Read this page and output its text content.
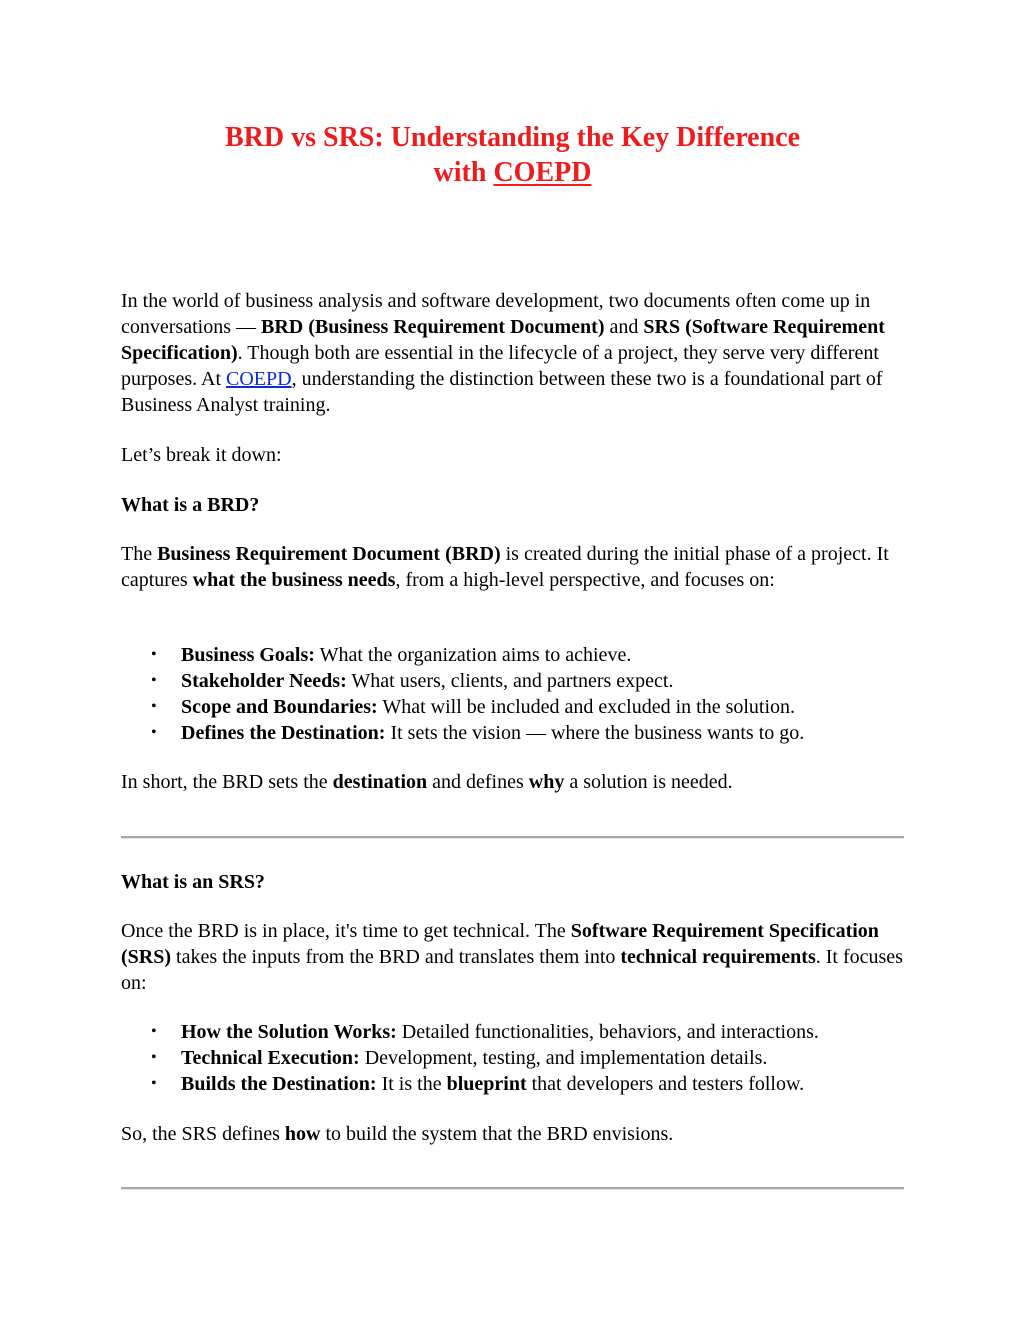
BRD vs SRS: Understanding the Key Difference
with COEPD

In the world of business analysis and software development, two documents often come up in conversations — BRD (Business Requirement Document) and SRS (Software Requirement Specification). Though both are essential in the lifecycle of a project, they serve very different purposes. At COEPD, understanding the distinction between these two is a foundational part of Business Analyst training.

Let’s break it down:

What is a BRD?

The Business Requirement Document (BRD) is created during the initial phase of a project. It captures what the business needs, from a high-level perspective, and focuses on:

• Business Goals: What the organization aims to achieve.
• Stakeholder Needs: What users, clients, and partners expect.
• Scope and Boundaries: What will be included and excluded in the solution.
• Defines the Destination: It sets the vision — where the business wants to go.

In short, the BRD sets the destination and defines why a solution is needed.

What is an SRS?

Once the BRD is in place, it's time to get technical. The Software Requirement Specification (SRS) takes the inputs from the BRD and translates them into technical requirements. It focuses on:

• How the Solution Works: Detailed functionalities, behaviors, and interactions.
• Technical Execution: Development, testing, and implementation details.
• Builds the Destination: It is the blueprint that developers and testers follow.

So, the SRS defines how to build the system that the BRD envisions.
